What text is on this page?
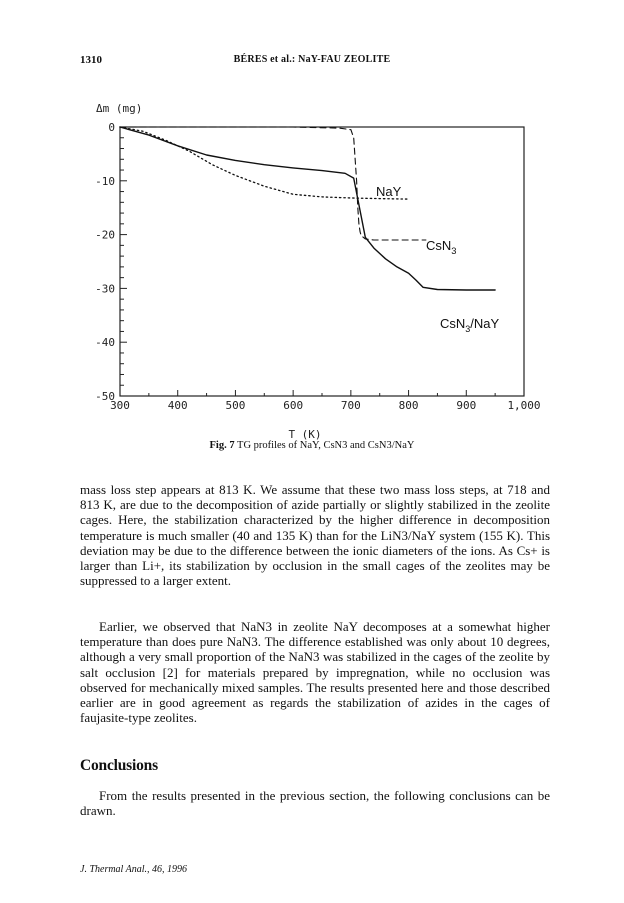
1310	BÉRES et al.: NaY-FAU ZEOLITE
0
-10
-20
-30
-40
-50
300	400	500	600	700	800	900	1,000
Δm (mg)
T (K)
NaY
CsN$_3$
CsN$_3$/NaY
Fig. 7 TG profiles of NaY, CsN3 and CsN3/NaY

mass loss step appears at 813 K. We assume that these two mass loss steps, at 718 and 813 K, are due to the decomposition of azide partially or slightly stabilized in the zeolite cages. Here, the stabilization characterized by the higher difference in decomposition temperature is much smaller (40 and 135 K) than for the LiN3/NaY system (155 K). This deviation may be due to the difference between the ionic diameters of the ions. As Cs+ is larger than Li+, its stabilization by occlusion in the small cages of the zeolites may be suppressed to a larger extent.

Earlier, we observed that NaN3 in zeolite NaY decomposes at a somewhat higher temperature than does pure NaN3. The difference established was only about 10 degrees, although a very small proportion of the NaN3 was stabilized in the cages of the zeolite by salt occlusion [2] for materials prepared by impregnation, while no occlusion was observed for mechanically mixed samples. The results presented here and those described earlier are in good agreement as regards the stabilization of azides in the cages of faujasite-type zeolites.

Conclusions

From the results presented in the previous section, the following conclusions can be drawn.

J. Thermal Anal., 46, 1996
